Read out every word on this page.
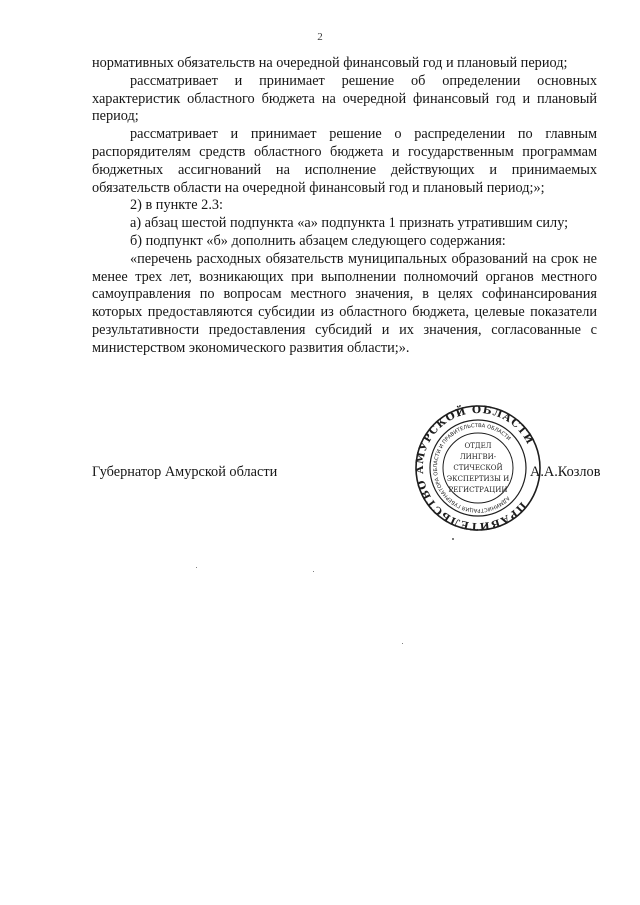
2

нормативных обязательств на очередной финансовый год и плановый период;

рассматривает и принимает решение об определении основных характеристик областного бюджета на очередной финансовый год и плановый период;

рассматривает и принимает решение о распределении по главным распорядителям средств областного бюджета и государственным программам бюджетных ассигнований на исполнение действующих и принимаемых обязательств области на очередной финансовый год и плановый период;»;

2) в пункте 2.3:

а) абзац шестой подпункта «а» подпункта 1 признать утратившим силу;

б) подпункт «б» дополнить абзацем следующего содержания:

«перечень расходных обязательств муниципальных образований на срок не менее трех лет, возникающих при выполнении полномочий органов местного самоуправления по вопросам местного значения, в целях софинансирования которых предоставляются субсидии из областного бюджета, целевые показатели результативности предоставления субсидий и их значения, согласованные с министерством экономического развития области;».

ПРАВИТЕЛЬСТВО АМУРСКОЙ ОБЛАСТИ
АДМИНИСТРАЦИЯ ГУБЕРНАТОРА ОБЛАСТИ И ПРАВИТЕЛЬСТВА ОБЛАСТИ
ОТДЕЛ
ЛИНГВИ-
СТИЧЕСКОЙ
ЭКСПЕРТИЗЫ И
РЕГИСТРАЦИИ
Губернатор Амурской области	А.А.Козлов
